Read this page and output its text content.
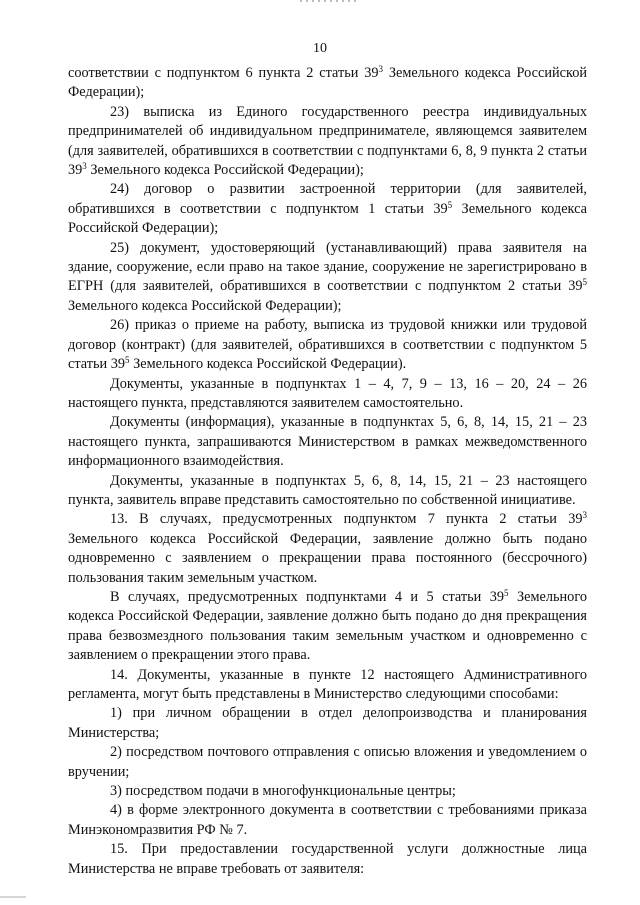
10

соответствии с подпунктом 6 пункта 2 статьи $39^3$ Земельного кодекса Российской Федерации);

23) выписка из Единого государственного реестра индивидуальных предпринимателей об индивидуальном предпринимателе, являющемся заявителем (для заявителей, обратившихся в соответствии с подпунктами 6, 8, 9 пункта 2 статьи $39^3$ Земельного кодекса Российской Федерации);

24) договор о развитии застроенной территории (для заявителей, обратившихся в соответствии с подпунктом 1 статьи $39^5$ Земельного кодекса Российской Федерации);

25) документ, удостоверяющий (устанавливающий) права заявителя на здание, сооружение, если право на такое здание, сооружение не зарегистрировано в ЕГРН (для заявителей, обратившихся в соответствии с подпунктом 2 статьи $39^5$ Земельного кодекса Российской Федерации);

26) приказ о приеме на работу, выписка из трудовой книжки или трудовой договор (контракт) (для заявителей, обратившихся в соответствии с подпунктом 5 статьи $39^5$ Земельного кодекса Российской Федерации).

Документы, указанные в подпунктах 1 – 4, 7, 9 – 13, 16 – 20, 24 – 26 настоящего пункта, представляются заявителем самостоятельно.

Документы (информация), указанные в подпунктах 5, 6, 8, 14, 15, 21 – 23 настоящего пункта, запрашиваются Министерством в рамках межведомственного информационного взаимодействия.

Документы, указанные в подпунктах 5, 6, 8, 14, 15, 21 – 23 настоящего пункта, заявитель вправе представить самостоятельно по собственной инициативе.

13. В случаях, предусмотренных подпунктом 7 пункта 2 статьи $39^3$ Земельного кодекса Российской Федерации, заявление должно быть подано одновременно с заявлением о прекращении права постоянного (бессрочного) пользования таким земельным участком.

В случаях, предусмотренных подпунктами 4 и 5 статьи $39^5$ Земельного кодекса Российской Федерации, заявление должно быть подано до дня прекращения права безвозмездного пользования таким земельным участком и одновременно с заявлением о прекращении этого права.

14. Документы, указанные в пункте 12 настоящего Административного регламента, могут быть представлены в Министерство следующими способами:

1) при личном обращении в отдел делопроизводства и планирования Министерства;

2) посредством почтового отправления с описью вложения и уведомлением о вручении;

3) посредством подачи в многофункциональные центры;

4) в форме электронного документа в соответствии с требованиями приказа Минэкономразвития РФ № 7.

15. При предоставлении государственной услуги должностные лица Министерства не вправе требовать от заявителя:
